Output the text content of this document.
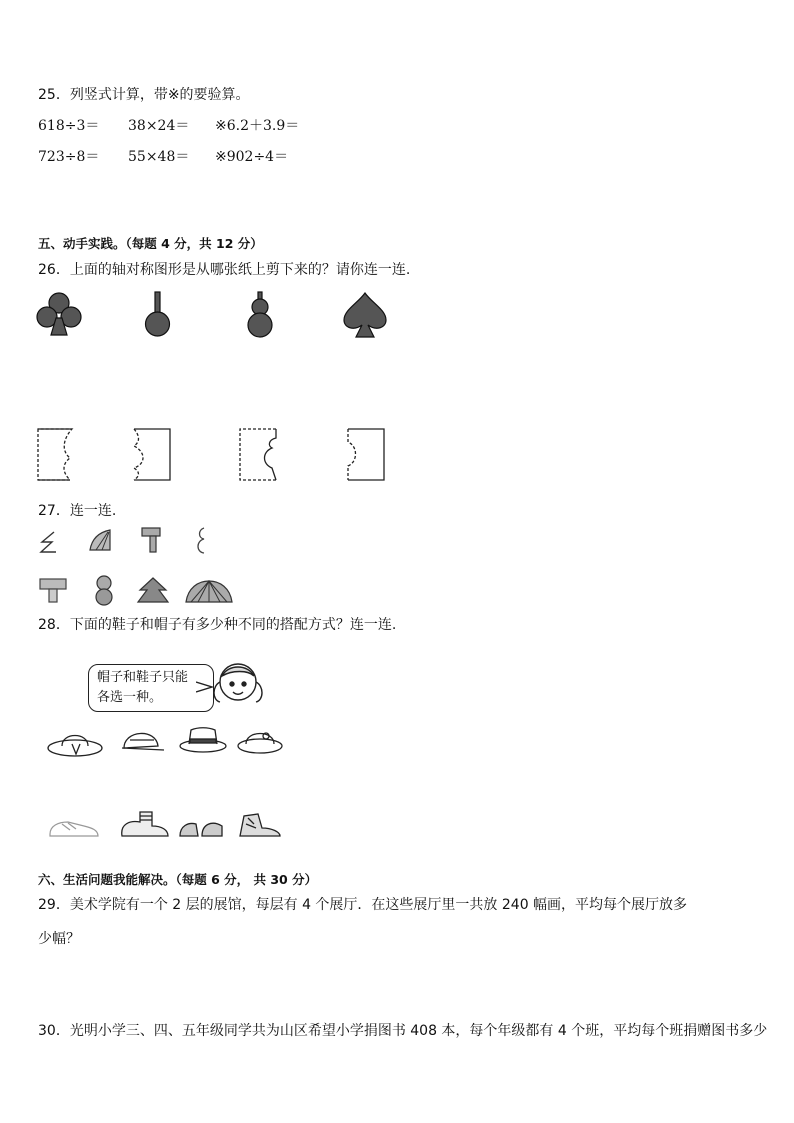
25．列竖式计算，带※的要验算。
618÷3＝ 38×24＝ ※6.2＋3.9＝
723÷8＝ 55×48＝ ※902÷4＝
五、动手实践。（每题 4 分，共 12 分）
26．上面的轴对称图形是从哪张纸上剪下来的？请你连一连.
27．连一连.
28．下面的鞋子和帽子有多少种不同的搭配方式？连一连.
帽子和鞋子只能
各选一种。
六、生活问题我能解决。（每题 6 分， 共 30 分）
29．美术学院有一个 2 层的展馆，每层有 4 个展厅．在这些展厅里一共放 240 幅画，平均每个展厅放多
少幅？
30．光明小学三、四、五年级同学共为山区希望小学捐图书 408 本，每个年级都有 4 个班，平均每个班捐赠图书多少
